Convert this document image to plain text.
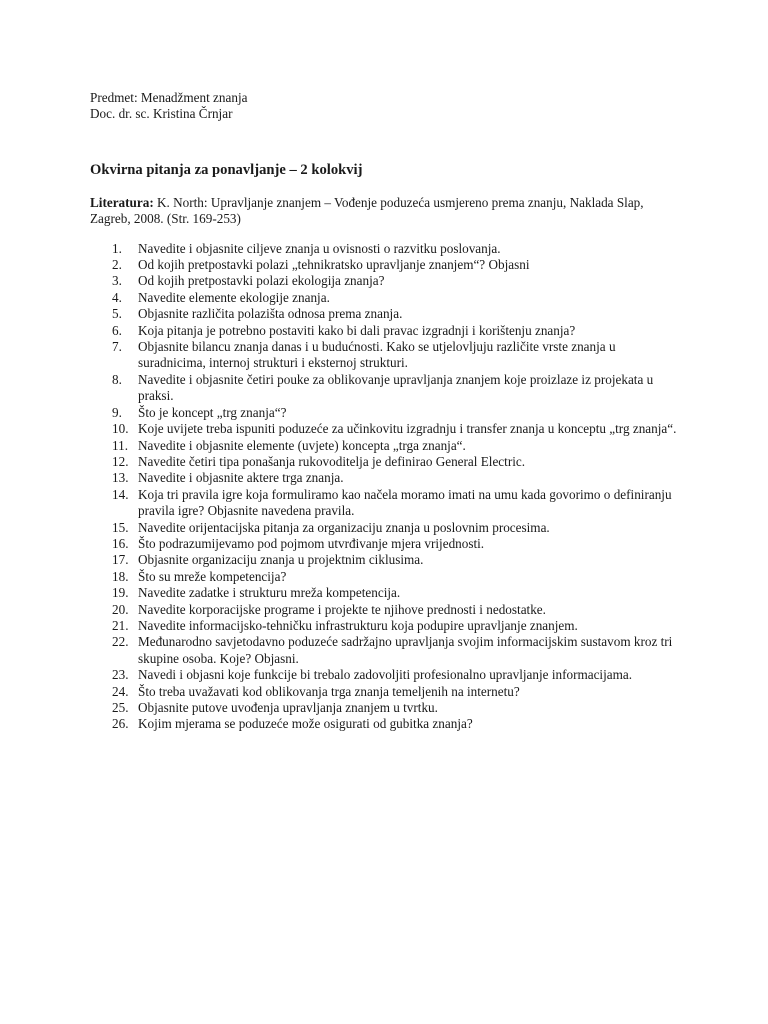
Predmet: Menadžment znanja

Doc. dr. sc. Kristina Črnjar

Okvirna pitanja za ponavljanje – 2 kolokvij

Literatura: K. North: Upravljanje znanjem – Vođenje poduzeća usmjereno prema znanju, Naklada Slap, Zagreb, 2008. (Str. 169-253)

1.	Navedite i objasnite ciljeve znanja u ovisnosti o razvitku poslovanja.
2.	Od kojih pretpostavki polazi „tehnikratsko upravljanje znanjem“? Objasni
3.	Od kojih pretpostavki polazi ekologija znanja?
4.	Navedite elemente ekologije znanja.
5.	Objasnite različita polazišta odnosa prema znanja.
6.	Koja pitanja je potrebno postaviti kako bi dali pravac izgradnji i korištenju znanja?
7.	Objasnite bilancu znanja danas i u budućnosti. Kako se utjelovljuju različite vrste znanja u suradnicima, internoj strukturi i eksternoj strukturi.
8.	Navedite i objasnite četiri pouke za oblikovanje upravljanja znanjem koje proizlaze iz projekata u praksi.
9.	Što je koncept „trg znanja“?
10. Koje uvijete treba ispuniti poduzeće za učinkovitu izgradnju i transfer znanja u konceptu „trg znanja“.
11. Navedite i objasnite elemente (uvjete) koncepta „trga znanja“.
12. Navedite četiri tipa ponašanja rukovoditelja je definirao General Electric.
13. Navedite i objasnite aktere trga znanja.
14. Koja tri pravila igre koja formuliramo kao načela moramo imati na umu kada govorimo o definiranju pravila igre? Objasnite navedena pravila.
15. Navedite orijentacijska pitanja za organizaciju znanja u poslovnim procesima.
16. Što podrazumijevamo pod pojmom utvrđivanje mjera vrijednosti.
17. Objasnite organizaciju znanja u projektnim ciklusima.
18. Što su mreže kompetencija?
19. Navedite zadatke i strukturu mreža kompetencija.
20. Navedite korporacijske programe i projekte te njihove prednosti i nedostatke.
21. Navedite informacijsko-tehničku infrastrukturu koja podupire upravljanje znanjem.
22. Međunarodno savjetodavno poduzeće sadržajno upravljanja svojim informacijskim sustavom kroz tri skupine osoba. Koje? Objasni.
23. Navedi i objasni koje funkcije bi trebalo zadovoljiti profesionalno upravljanje informacijama.
24. Što treba uvažavati kod oblikovanja trga znanja temeljenih na internetu?
25. Objasnite putove uvođenja upravljanja znanjem u tvrtku.
26. Kojim mjerama se poduzeće može osigurati od gubitka znanja?
